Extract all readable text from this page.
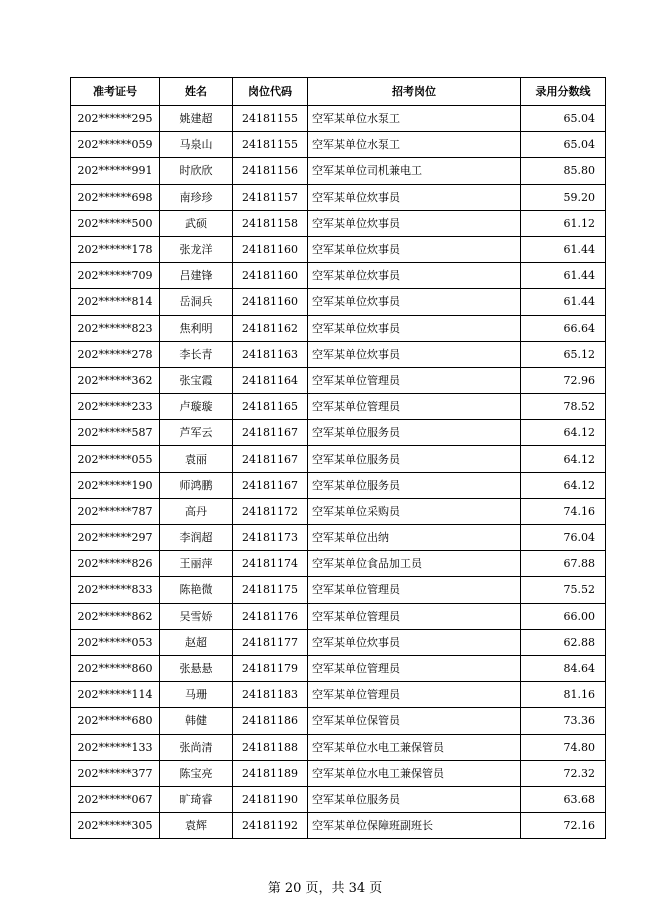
准考证号	姓名	岗位代码	招考岗位	录用分数线
202******295	姚建超	24181155	空军某单位水泵工	65.04
202******059	马泉山	24181155	空军某单位水泵工	65.04
202******991	时欣欣	24181156	空军某单位司机兼电工	85.80
202******698	南珍珍	24181157	空军某单位炊事员	59.20
202******500	武硕	24181158	空军某单位炊事员	61.12
202******178	张龙洋	24181160	空军某单位炊事员	61.44
202******709	吕建锋	24181160	空军某单位炊事员	61.44
202******814	岳洞兵	24181160	空军某单位炊事员	61.44
202******823	焦利明	24181162	空军某单位炊事员	66.64
202******278	李长青	24181163	空军某单位炊事员	65.12
202******362	张宝霞	24181164	空军某单位管理员	72.96
202******233	卢璇璇	24181165	空军某单位管理员	78.52
202******587	芦军云	24181167	空军某单位服务员	64.12
202******055	袁丽	24181167	空军某单位服务员	64.12
202******190	师鸿鹏	24181167	空军某单位服务员	64.12
202******787	高丹	24181172	空军某单位采购员	74.16
202******297	李润超	24181173	空军某单位出纳	76.04
202******826	王丽萍	24181174	空军某单位食品加工员	67.88
202******833	陈艳微	24181175	空军某单位管理员	75.52
202******862	吴雪娇	24181176	空军某单位管理员	66.00
202******053	赵超	24181177	空军某单位炊事员	62.88
202******860	张悬悬	24181179	空军某单位管理员	84.64
202******114	马珊	24181183	空军某单位管理员	81.16
202******680	韩健	24181186	空军某单位保管员	73.36
202******133	张尚清	24181188	空军某单位水电工兼保管员	74.80
202******377	陈宝亮	24181189	空军某单位水电工兼保管员	72.32
202******067	旷琦睿	24181190	空军某单位服务员	63.68
202******305	袁辉	24181192	空军某单位保障班副班长	72.16
第 20 页，共 34 页
